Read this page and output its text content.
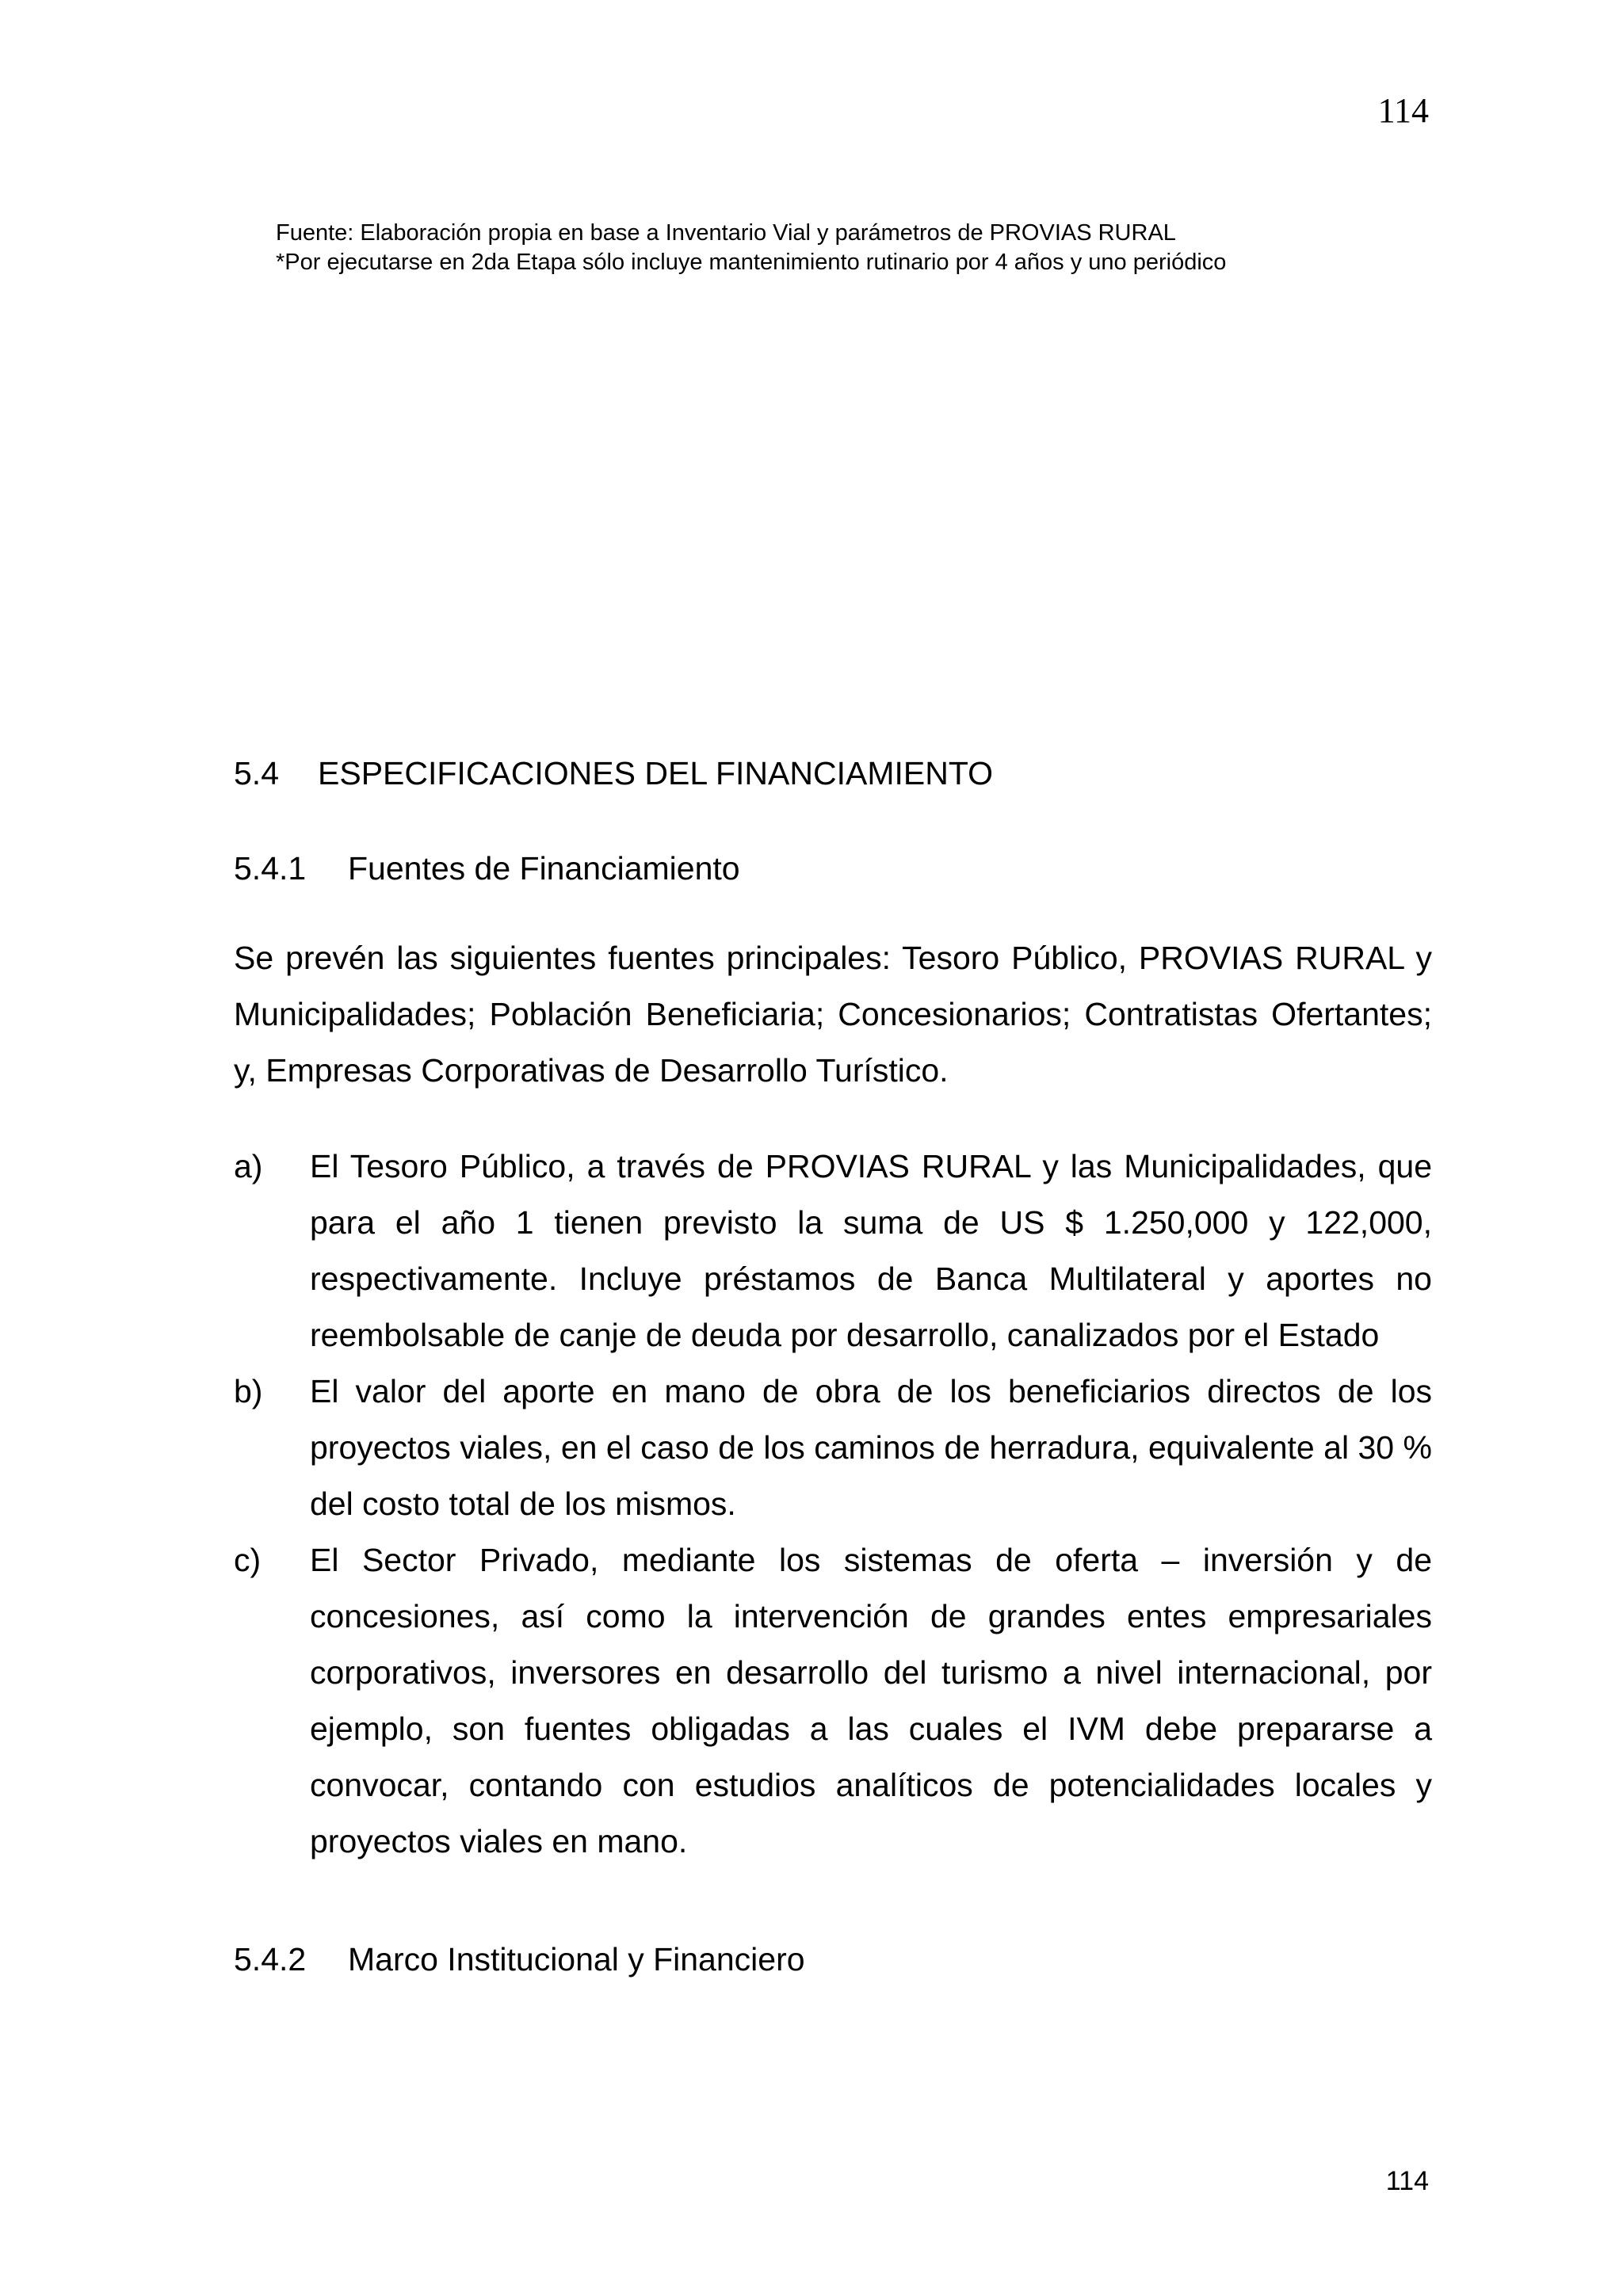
114
Fuente: Elaboración propia en base a Inventario Vial y parámetros de PROVIAS RURAL
*Por ejecutarse en 2da Etapa sólo incluye mantenimiento rutinario por 4 años y uno periódico
5.4 ESPECIFICACIONES DEL FINANCIAMIENTO
5.4.1 Fuentes de Financiamiento

Se prevén las siguientes fuentes principales: Tesoro Público, PROVIAS RURAL y Municipalidades; Población Beneficiaria; Concesionarios; Contratistas Ofertantes; y, Empresas Corporativas de Desarrollo Turístico.

a) El Tesoro Público, a través de PROVIAS RURAL y las Municipalidades, que para el año 1 tienen previsto la suma de US $ 1.250,000 y 122,000, respectivamente. Incluye préstamos de Banca Multilateral y aportes no reembolsable de canje de deuda por desarrollo, canalizados por el Estado
b) El valor del aporte en mano de obra de los beneficiarios directos de los proyectos viales, en el caso de los caminos de herradura, equivalente al 30 % del costo total de los mismos.
c) El Sector Privado, mediante los sistemas de oferta – inversión y de concesiones, así como la intervención de grandes entes empresariales corporativos, inversores en desarrollo del turismo a nivel internacional, por ejemplo, son fuentes obligadas a las cuales el IVM debe prepararse a convocar, contando con estudios analíticos de potencialidades locales y proyectos viales en mano.
5.4.2 Marco Institucional y Financiero
114
